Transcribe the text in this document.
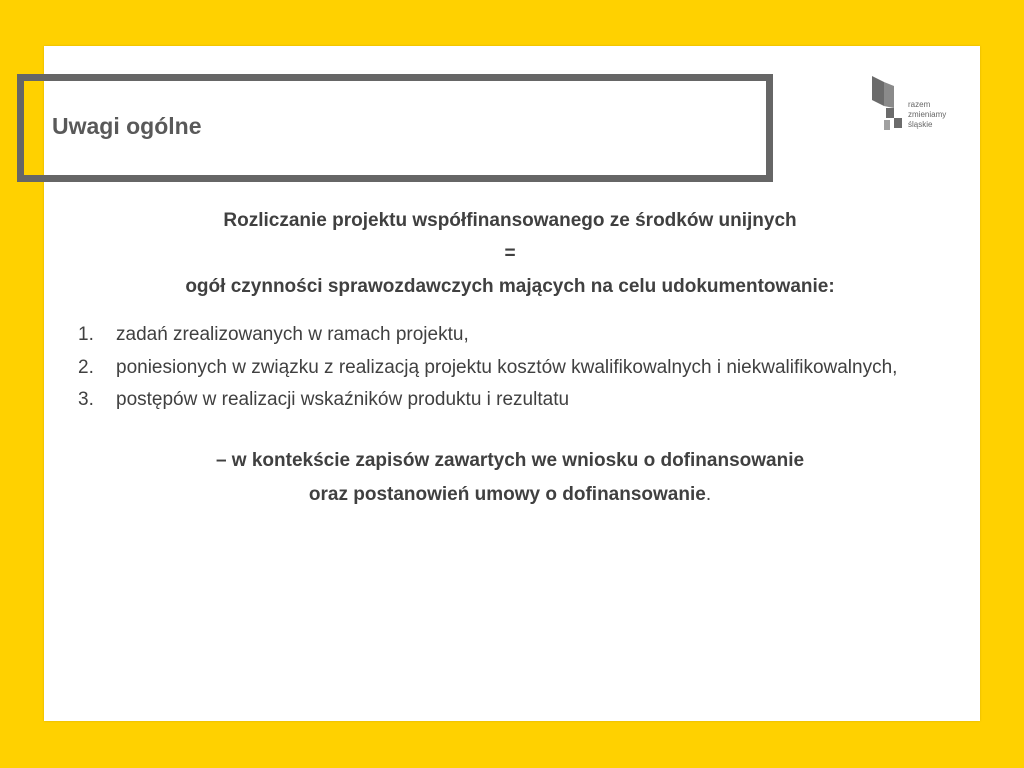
Uwagi ogólne
razem
zmieniamy
śląskie
Rozliczanie projektu współfinansowanego ze środków unijnych
=
ogół czynności sprawozdawczych mających na celu udokumentowanie:
1. zadań zrealizowanych w ramach projektu,
2. poniesionych w związku z realizacją projektu kosztów kwalifikowalnych i niekwalifikowalnych,
3. postępów w realizacji wskaźników produktu i rezultatu
– w kontekście zapisów zawartych we wniosku o dofinansowanie
oraz postanowień umowy o dofinansowanie.
